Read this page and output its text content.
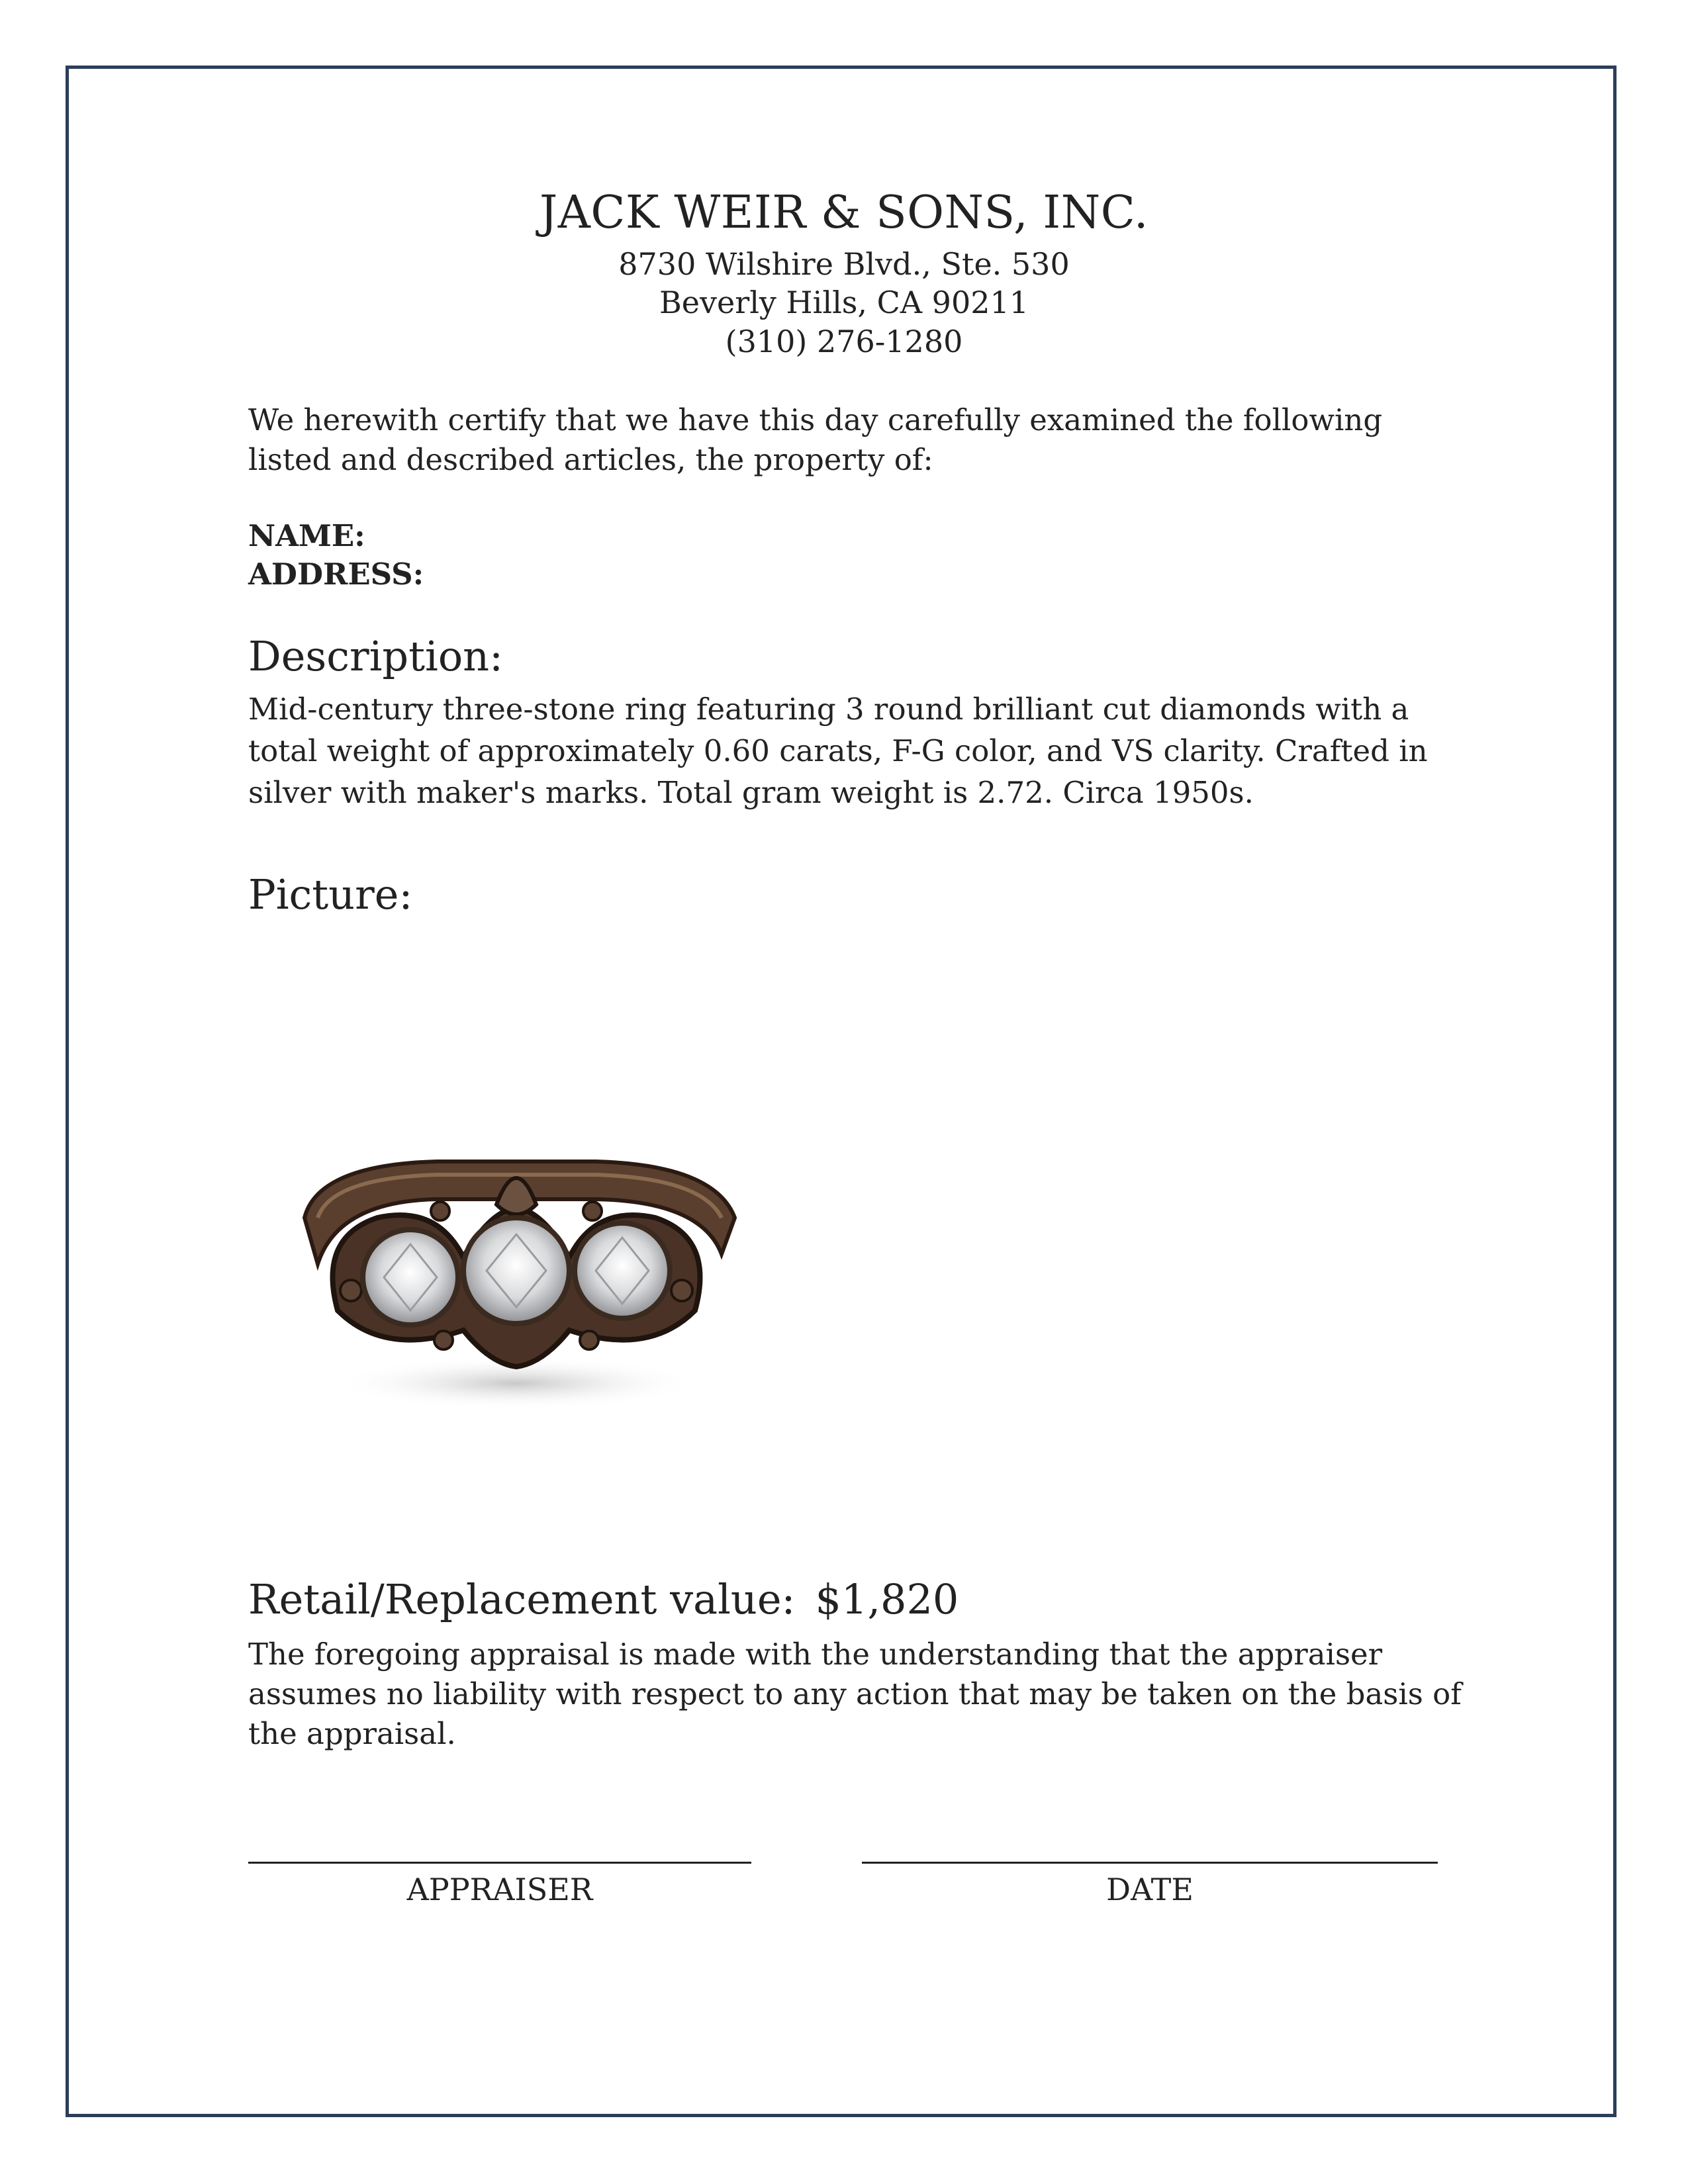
JACK WEIR & SONS, INC.
8730 Wilshire Blvd., Ste. 530
Beverly Hills, CA 90211
(310) 276-1280
We herewith certify that we have this day carefully examined the following listed and described articles, the property of:
NAME:
ADDRESS:
Description:
Mid-century three-stone ring featuring 3 round brilliant cut diamonds with a total weight of approximately 0.60 carats, F-G color, and VS clarity. Crafted in silver with maker's marks. Total gram weight is 2.72. Circa 1950s.
Picture:
Retail/Replacement value: $1,820
The foregoing appraisal is made with the understanding that the appraiser assumes no liability with respect to any action that may be taken on the basis of the appraisal.
APPRAISER	DATE
